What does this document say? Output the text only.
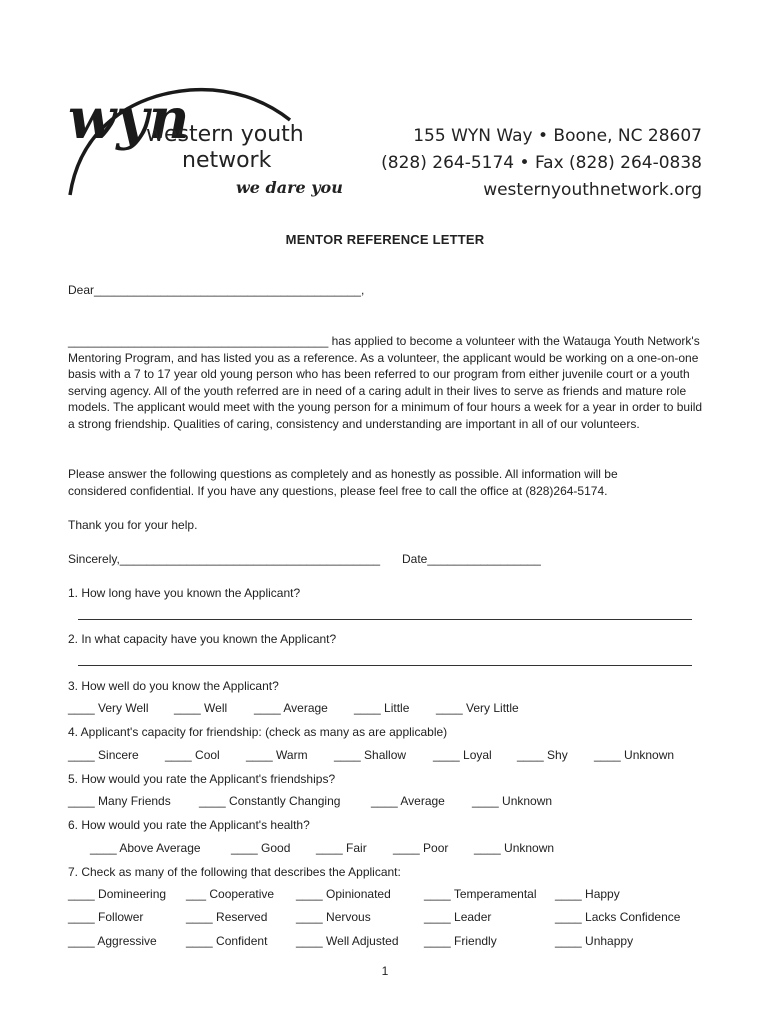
wyn
western youth
network
we dare you
155 WYN Way • Boone, NC 28607
(828) 264-5174 • Fax (828) 264-0838
westernyouthnetwork.org
MENTOR REFERENCE LETTER
Dear________________________________________,
_______________________________________ has applied to become a volunteer with the Watauga Youth Network's Mentoring Program, and has listed you as a reference. As a volunteer, the applicant would be working on a one-on-one basis with a 7 to 17 year old young person who has been referred to our program from either juvenile court or a youth serving agency. All of the youth referred are in need of a caring adult in their lives to serve as friends and mature role models. The applicant would meet with the young person for a minimum of four hours a week for a year in order to build a strong friendship. Qualities of caring, consistency and understanding are important in all of our volunteers.
Please answer the following questions as completely and as honestly as possible. All information will be
considered confidential. If you have any questions, please feel free to call the office at (828)264-5174.
Thank you for your help.
Sincerely,_______________________________________ Date_________________
1. How long have you known the Applicant?
2. In what capacity have you known the Applicant?
3. How well do you know the Applicant?
____ Very Well ____ Well ____ Average ____ Little ____ Very Little
4. Applicant's capacity for friendship: (check as many as are applicable)
____ Sincere ____ Cool ____ Warm ____ Shallow ____ Loyal ____ Shy ____ Unknown
5. How would you rate the Applicant's friendships?
____ Many Friends ____ Constantly Changing	____ Average ____ Unknown
6. How would you rate the Applicant's health?
____ Above Average	____ Good ____ Fair ____ Poor ____ Unknown
7. Check as many of the following that describes the Applicant:
____ Domineering ___ Cooperative ____ Opinionated	____ Temperamental ____ Happy
____ Follower	____ Reserved ____ Nervous	____ Leader	____ Lacks Confidence
____ Aggressive ____ Confident ____ Well Adjusted ____ Friendly	____ Unhappy
1
